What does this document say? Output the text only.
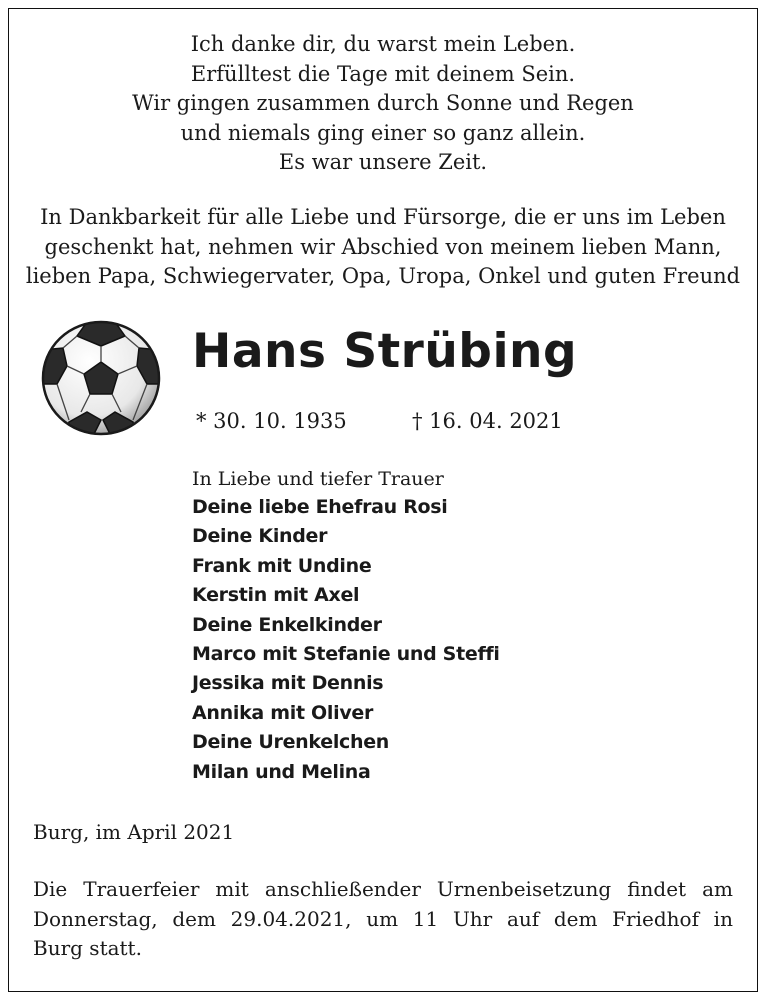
Ich danke dir, du warst mein Leben.
Erfülltest die Tage mit deinem Sein.
Wir gingen zusammen durch Sonne und Regen
und niemals ging einer so ganz allein.
Es war unsere Zeit.
In Dankbarkeit für alle Liebe und Fürsorge, die er uns im Leben
geschenkt hat, nehmen wir Abschied von meinem lieben Mann,
lieben Papa, Schwiegervater, Opa, Uropa, Onkel und guten Freund
Hans Strübing
* 30. 10. 1935	† 16. 04. 2021
In Liebe und tiefer Trauer
Deine liebe Ehefrau Rosi
Deine Kinder
Frank mit Undine
Kerstin mit Axel
Deine Enkelkinder
Marco mit Stefanie und Steffi
Jessika mit Dennis
Annika mit Oliver
Deine Urenkelchen
Milan und Melina
Burg, im April 2021
Die Trauerfeier mit anschließender Urnenbeisetzung findet am
Donnerstag, dem 29.04.2021, um 11 Uhr auf dem Friedhof in
Burg statt.
